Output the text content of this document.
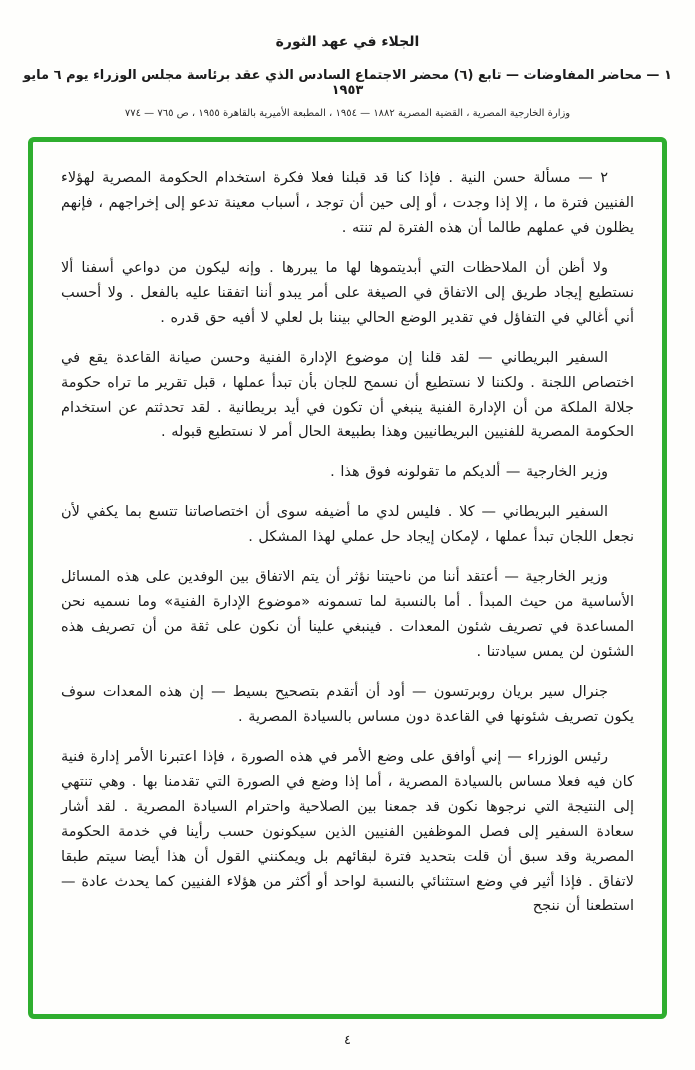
الجلاء في عهد الثورة
١ — محاضر المفاوضات — تابع (٦) محضر الاجتماع السادس الذي عقد برئاسة مجلس الوزراء يوم ٦ مايو ١٩٥٣
وزارة الخارجية المصرية ، القضية المصرية ١٨٨٢ — ١٩٥٤ ، المطبعة الأميرية بالقاهرة ١٩٥٥ ، ص ٧٦٥ — ٧٧٤

٢ — مسألة حسن النية . فإذا كنا قد قبلنا فعلا فكرة استخدام الحكومة المصرية لهؤلاء الفنيين فترة ما ، إلا إذا وجدت ، أو إلى حين أن توجد ، أسباب معينة تدعو إلى إخراجهم ، فإنهم يظلون في عملهم طالما أن هذه الفترة لم تنته .

ولا أظن أن الملاحظات التي أبديتموها لها ما يبررها . وإنه ليكون من دواعي أسفنا ألا نستطيع إيجاد طريق إلى الاتفاق في الصيغة على أمر يبدو أننا اتفقنا عليه بالفعل . ولا أحسب أني أغالي في التفاؤل في تقدير الوضع الحالي بيننا بل لعلي لا أفيه حق قدره .

السفير البريطاني — لقد قلنا إن موضوع الإدارة الفنية وحسن صيانة القاعدة يقع في اختصاص اللجنة . ولكننا لا نستطيع أن نسمح للجان بأن تبدأ عملها ، قبل تقرير ما تراه حكومة جلالة الملكة من أن الإدارة الفنية ينبغي أن تكون في أيد بريطانية . لقد تحدثتم عن استخدام الحكومة المصرية للفنيين البريطانيين وهذا بطبيعة الحال أمر لا نستطيع قبوله .

وزير الخارجية — ألديكم ما تقولونه فوق هذا .

السفير البريطاني — كلا . فليس لدي ما أضيفه سوى أن اختصاصاتنا تتسع بما يكفي لأن نجعل اللجان تبدأ عملها ، لإمكان إيجاد حل عملي لهذا المشكل .

وزير الخارجية — أعتقد أننا من ناحيتنا نؤثر أن يتم الاتفاق بين الوفدين على هذه المسائل الأساسية من حيث المبدأ . أما بالنسبة لما تسمونه «موضوع الإدارة الفنية» وما نسميه نحن المساعدة في تصريف شئون المعدات . فينبغي علينا أن نكون على ثقة من أن تصريف هذه الشئون لن يمس سيادتنا .

جنرال سير بريان روبرتسون — أود أن أتقدم بتصحيح بسيط — إن هذه المعدات سوف يكون تصريف شئونها في القاعدة دون مساس بالسيادة المصرية .

رئيس الوزراء — إني أوافق على وضع الأمر في هذه الصورة ، فإذا اعتبرنا الأمر إدارة فنية كان فيه فعلا مساس بالسيادة المصرية ، أما إذا وضع في الصورة التي تقدمنا بها . وهي تنتهي إلى النتيجة التي نرجوها نكون قد جمعنا بين الصلاحية واحترام السيادة المصرية . لقد أشار سعادة السفير إلى فصل الموظفين الفنيين الذين سيكونون حسب رأينا في خدمة الحكومة المصرية وقد سبق أن قلت بتحديد فترة لبقائهم بل ويمكنني القول أن هذا أيضا سيتم طبقا لاتفاق . فإذا أثير في وضع استثنائي بالنسبة لواحد أو أكثر من هؤلاء الفنيين كما يحدث عادة — استطعنا أن ننجح

٤
